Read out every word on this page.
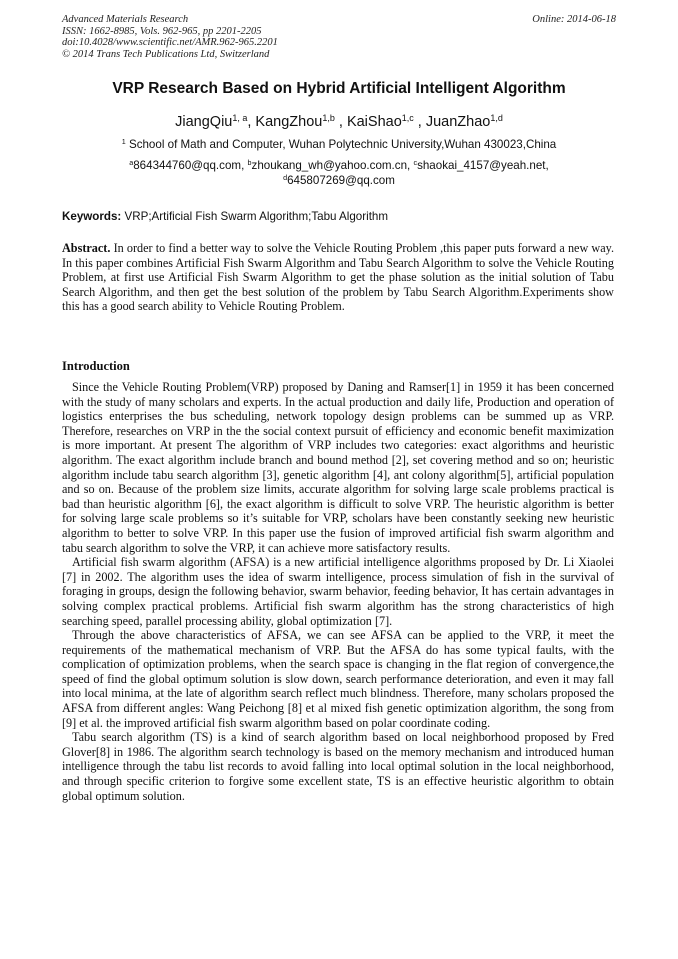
Advanced Materials Research
ISSN: 1662-8985, Vols. 962-965, pp 2201-2205
doi:10.4028/www.scientific.net/AMR.962-965.2201
© 2014 Trans Tech Publications Ltd, Switzerland
Online: 2014-06-18
VRP Research Based on Hybrid Artificial Intelligent Algorithm
JiangQiu$^{1, a}$, KangZhou$^{1,b}$ , KaiShao$^{1,c}$ , JuanZhao$^{1,d}$
$^1$ School of Math and Computer, Wuhan Polytechnic University,Wuhan 430023,China
$^a$864344760@qq.com, $^b$zhoukang_wh@yahoo.com.cn, $^c$shaokai_4157@yeah.net,
$^d$645807269@qq.com
Keywords: VRP;Artificial Fish Swarm Algorithm;Tabu Algorithm

Abstract. In order to find a better way to solve the Vehicle Routing Problem ,this paper puts forward a new way. In this paper combines Artificial Fish Swarm Algorithm and Tabu Search Algorithm to solve the Vehicle Routing Problem, at first use Artificial Fish Swarm Algorithm to get the phase solution as the initial solution of Tabu Search Algorithm, and then get the best solution of the problem by Tabu Search Algorithm.Experiments show this has a good search ability to Vehicle Routing Problem.

Introduction

Since the Vehicle Routing Problem(VRP) proposed by Daning and Ramser[1] in 1959 it has been concerned with the study of many scholars and experts. In the actual production and daily life, Production and operation of logistics enterprises the bus scheduling, network topology design problems can be summed up as VRP. Therefore, researches on VRP in the the social context pursuit of efficiency and economic benefit maximization is more important. At present The algorithm of VRP includes two categories: exact algorithms and heuristic algorithm. The exact algorithm include branch and bound method [2], set covering method and so on; heuristic algorithm include tabu search algorithm [3], genetic algorithm [4], ant colony algorithm[5], artificial population and so on. Because of the problem size limits, accurate algorithm for solving large scale problems practical is bad than heuristic algorithm [6], the exact algorithm is difficult to solve VRP. The heuristic algorithm is better for solving large scale problems so it’s suitable for VRP, scholars have been constantly seeking new heuristic algorithm to better to solve VRP. In this paper use the fusion of improved artificial fish swarm algorithm and tabu search algorithm to solve the VRP, it can achieve more satisfactory results.

Artificial fish swarm algorithm (AFSA) is a new artificial intelligence algorithms proposed by Dr. Li Xiaolei [7] in 2002. The algorithm uses the idea of swarm intelligence, process simulation of fish in the survival of foraging in groups, design the following behavior, swarm behavior, feeding behavior, It has certain advantages in solving complex practical problems. Artificial fish swarm algorithm has the strong characteristics of high searching speed, parallel processing ability, global optimization [7].

Through the above characteristics of AFSA, we can see AFSA can be applied to the VRP, it meet the requirements of the mathematical mechanism of VRP. But the AFSA do has some typical faults, with the complication of optimization problems, when the search space is changing in the flat region of convergence,the speed of find the global optimum solution is slow down, search performance deterioration, and even it may fall into local minima, at the late of algorithm search reflect much blindness. Therefore, many scholars proposed the AFSA from different angles: Wang Peichong [8] et al mixed fish genetic optimization algorithm, the song from [9] et al. the improved artificial fish swarm algorithm based on polar coordinate coding.

Tabu search algorithm (TS) is a kind of search algorithm based on local neighborhood proposed by Fred Glover[8] in 1986. The algorithm search technology is based on the memory mechanism and introduced human intelligence through the tabu list records to avoid falling into local optimal solution in the local neighborhood, and through specific criterion to forgive some excellent state, TS is an effective heuristic algorithm to obtain global optimum solution.
